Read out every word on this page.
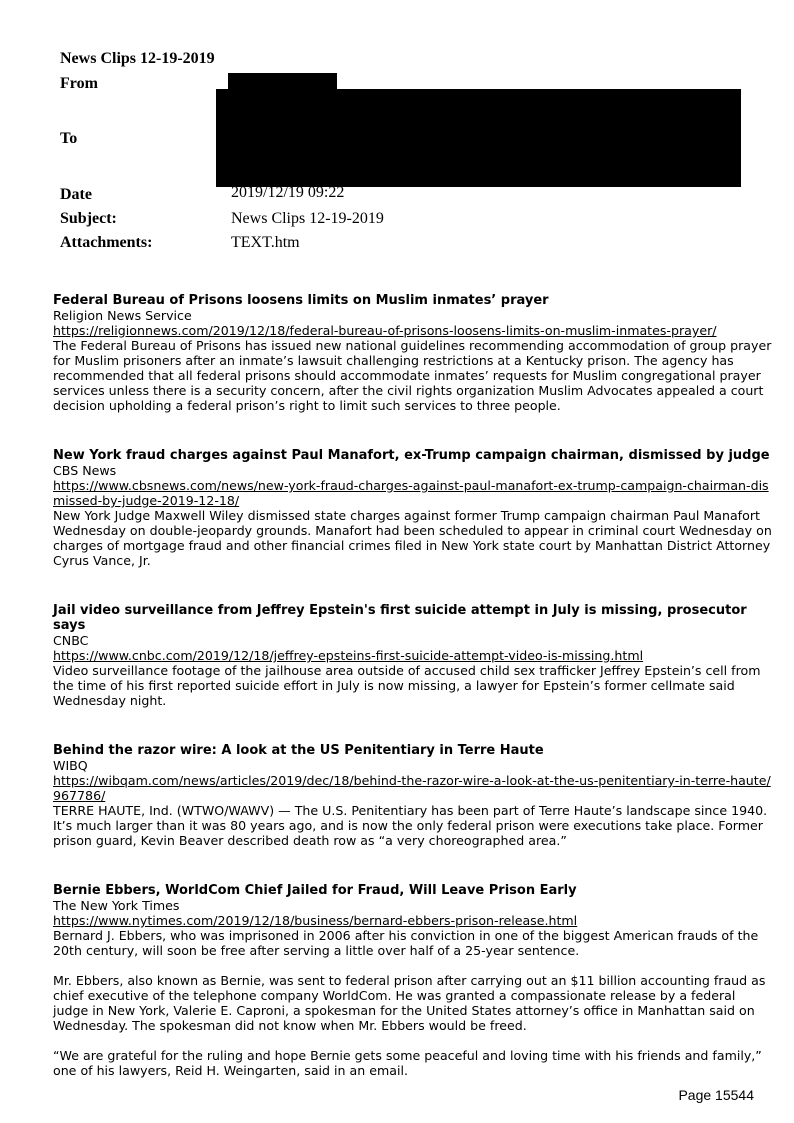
News Clips 12-19-2019
From
To
Date	2019/12/19 09:22
Subject:	News Clips 12-19-2019
Attachments:	TEXT.htm

Federal Bureau of Prisons loosens limits on Muslim inmates’ prayer

Religion News Service

https://religionnews.com/2019/12/18/federal-bureau-of-prisons-loosens-limits-on-muslim-inmates-prayer/

The Federal Bureau of Prisons has issued new national guidelines recommending accommodation of group prayer for Muslim prisoners after an inmate’s lawsuit challenging restrictions at a Kentucky prison. The agency has recommended that all federal prisons should accommodate inmates’ requests for Muslim congregational prayer services unless there is a security concern, after the civil rights organization Muslim Advocates appealed a court decision upholding a federal prison’s right to limit such services to three people.

New York fraud charges against Paul Manafort, ex-Trump campaign chairman, dismissed by judge

CBS News

https://www.cbsnews.com/news/new-york-fraud-charges-against-paul-manafort-ex-trump-campaign-chairman-dismissed-by-judge-2019-12-18/

New York Judge Maxwell Wiley dismissed state charges against former Trump campaign chairman Paul Manafort Wednesday on double-jeopardy grounds. Manafort had been scheduled to appear in criminal court Wednesday on charges of mortgage fraud and other financial crimes filed in New York state court by Manhattan District Attorney Cyrus Vance, Jr.

Jail video surveillance from Jeffrey Epstein's first suicide attempt in July is missing, prosecutor says

CNBC

https://www.cnbc.com/2019/12/18/jeffrey-epsteins-first-suicide-attempt-video-is-missing.html

Video surveillance footage of the jailhouse area outside of accused child sex trafficker Jeffrey Epstein’s cell from the time of his first reported suicide effort in July is now missing, a lawyer for Epstein’s former cellmate said Wednesday night.

Behind the razor wire: A look at the US Penitentiary in Terre Haute

WIBQ

https://wibqam.com/news/articles/2019/dec/18/behind-the-razor-wire-a-look-at-the-us-penitentiary-in-terre-haute/967786/

TERRE HAUTE, Ind. (WTWO/WAWV) — The U.S. Penitentiary has been part of Terre Haute’s landscape since 1940.

It’s much larger than it was 80 years ago, and is now the only federal prison were executions take place. Former prison guard, Kevin Beaver described death row as “a very choreographed area.”

Bernie Ebbers, WorldCom Chief Jailed for Fraud, Will Leave Prison Early

The New York Times

https://www.nytimes.com/2019/12/18/business/bernard-ebbers-prison-release.html

Bernard J. Ebbers, who was imprisoned in 2006 after his conviction in one of the biggest American frauds of the 20th century, will soon be free after serving a little over half of a 25-year sentence.

Mr. Ebbers, also known as Bernie, was sent to federal prison after carrying out an $11 billion accounting fraud as chief executive of the telephone company WorldCom. He was granted a compassionate release by a federal judge in New York, Valerie E. Caproni, a spokesman for the United States attorney’s office in Manhattan said on Wednesday. The spokesman did not know when Mr. Ebbers would be freed.

“We are grateful for the ruling and hope Bernie gets some peaceful and loving time with his friends and family,” one of his lawyers, Reid H. Weingarten, said in an email.

Page 15544
